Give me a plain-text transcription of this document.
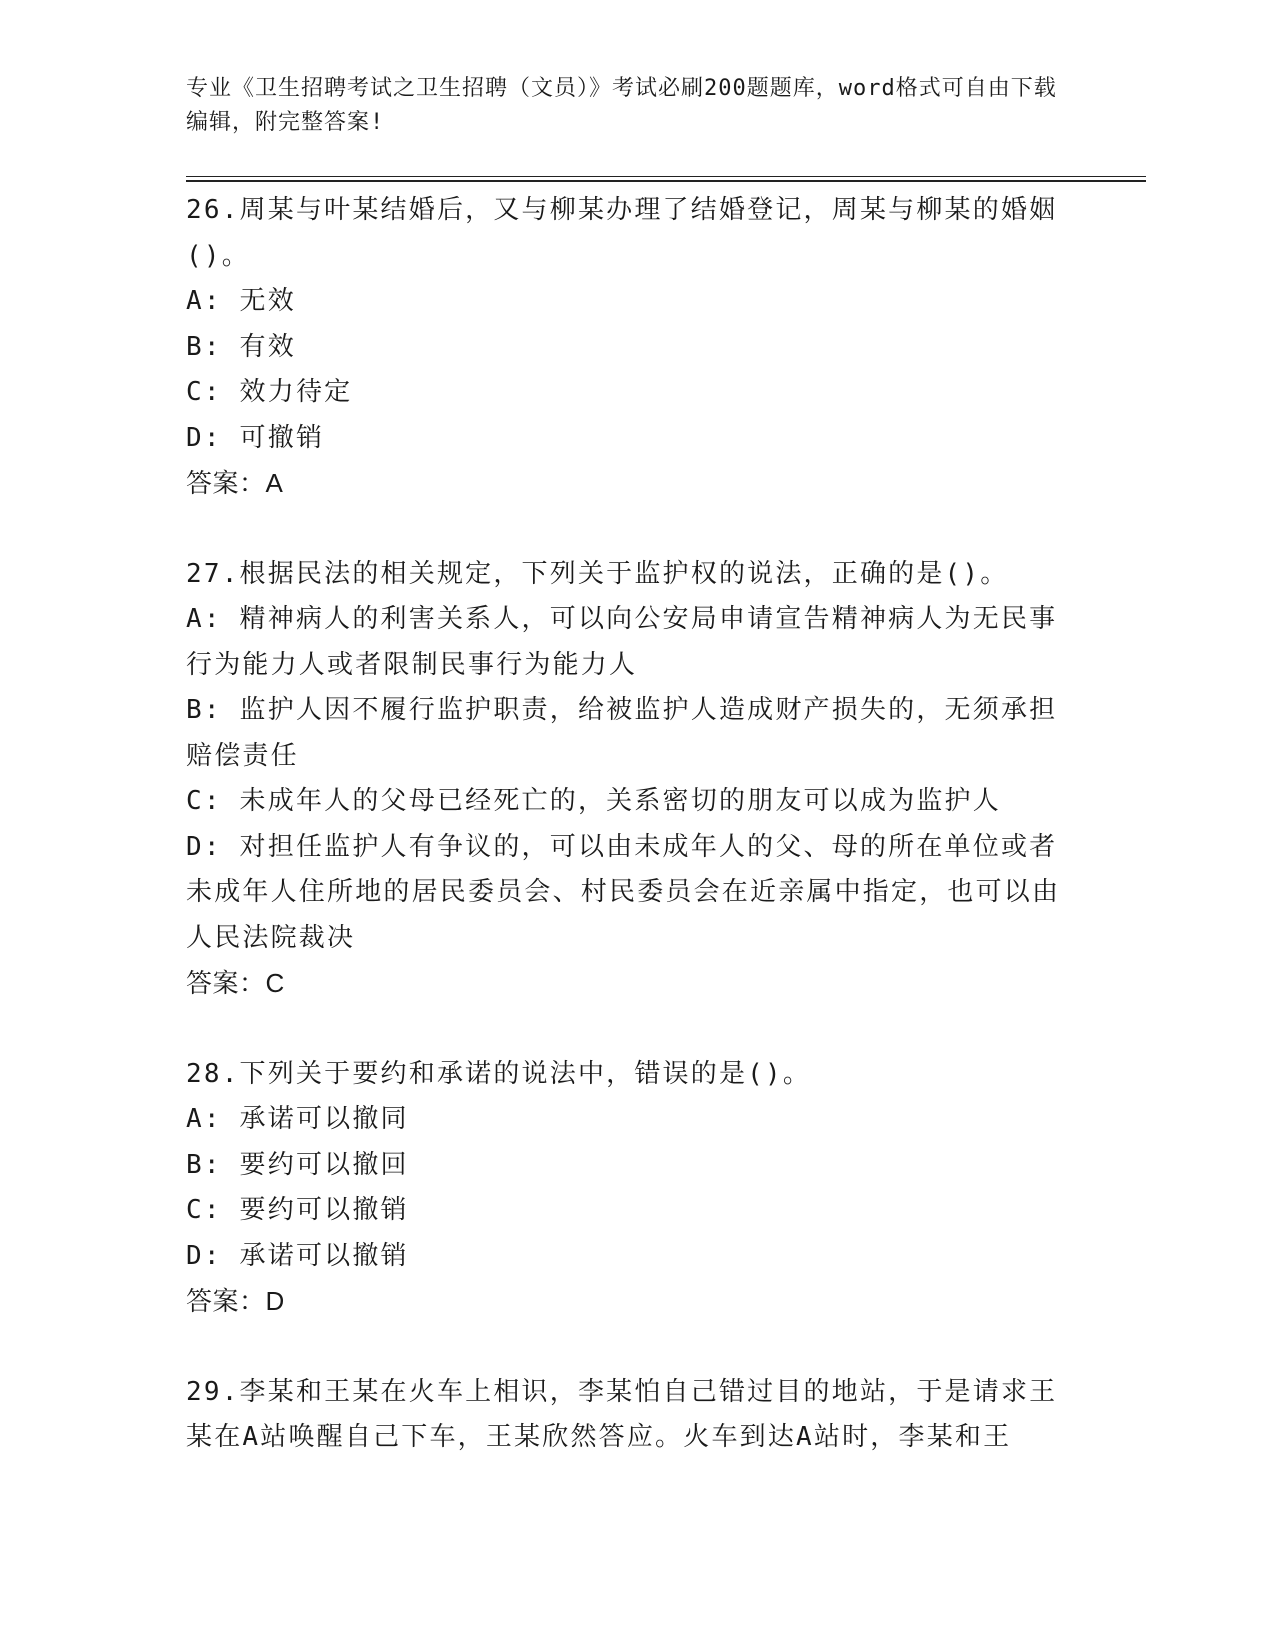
专业《卫生招聘考试之卫生招聘（文员）》考试必刷200题题库，word格式可自由下载编辑，附完整答案!

26.周某与叶某结婚后，又与柳某办理了结婚登记，周某与柳某的婚姻()。

A: 无效

B: 有效

C: 效力待定

D: 可撤销

答案：A

27.根据民法的相关规定，下列关于监护权的说法，正确的是()。

A: 精神病人的利害关系人，可以向公安局申请宣告精神病人为无民事行为能力人或者限制民事行为能力人

B: 监护人因不履行监护职责，给被监护人造成财产损失的，无须承担赔偿责任

C: 未成年人的父母已经死亡的，关系密切的朋友可以成为监护人

D: 对担任监护人有争议的，可以由未成年人的父、母的所在单位或者未成年人住所地的居民委员会、村民委员会在近亲属中指定，也可以由人民法院裁决

答案：C

28.下列关于要约和承诺的说法中，错误的是()。

A: 承诺可以撤同

B: 要约可以撤回

C: 要约可以撤销

D: 承诺可以撤销

答案：D

29.李某和王某在火车上相识，李某怕自己错过目的地站，于是请求王某在A站唤醒自己下车，王某欣然答应。火车到达A站时，李某和王
